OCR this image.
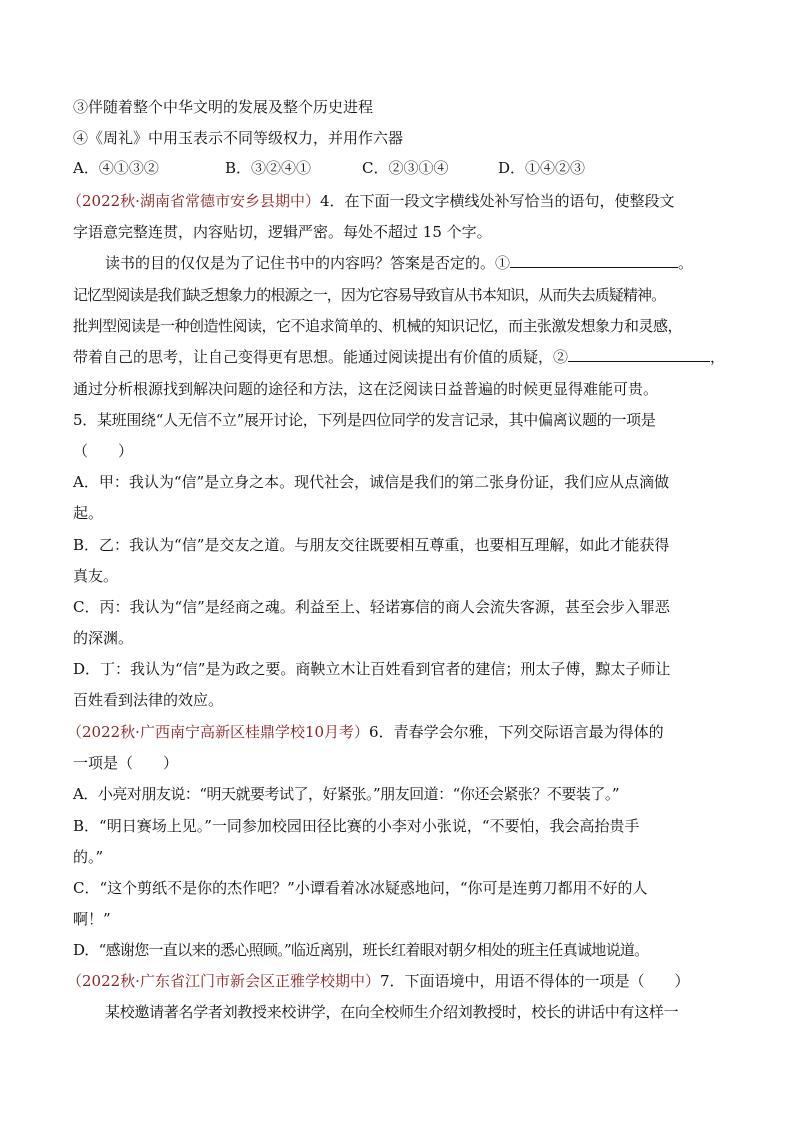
③伴随着整个中华文明的发展及整个历史进程
④《周礼》中用玉表示不同等级权力，并用作六器
A．④①③②	B．③②④①	C．②③①④	D．①④②③
（2022秋·湖南省常德市安乡县期中）4．在下面一段文字横线处补写恰当的语句，使整段文
字语意完整连贯，内容贴切，逻辑严密。每处不超过 15 个字。
读书的目的仅仅是为了记住书中的内容吗？答案是否定的。①	。
记忆型阅读是我们缺乏想象力的根源之一，因为它容易导致盲从书本知识，从而失去质疑精神。
批判型阅读是一种创造性阅读，它不追求简单的、机械的知识记忆，而主张激发想象力和灵感，
带着自己的思考，让自己变得更有思想。能通过阅读提出有价值的质疑，②	，
通过分析根源找到解决问题的途径和方法，这在泛阅读日益普遍的时候更显得难能可贵。
5．某班围绕“人无信不立”展开讨论，下列是四位同学的发言记录，其中偏离议题的一项是
（　　）
A．甲：我认为“信”是立身之本。现代社会，诚信是我们的第二张身份证，我们应从点滴做
起。
B．乙：我认为“信”是交友之道。与朋友交往既要相互尊重，也要相互理解，如此才能获得
真友。
C．丙：我认为“信”是经商之魂。利益至上、轻诺寡信的商人会流失客源，甚至会步入罪恶
的深渊。
D．丁：我认为“信”是为政之要。商鞅立木让百姓看到官者的建信；刑太子傅，黥太子师让
百姓看到法律的效应。
（2022秋·广西南宁高新区桂鼎学校10月考）6．青春学会尔雅，下列交际语言最为得体的
一项是（　　）
A．小亮对朋友说：“明天就要考试了，好紧张。”朋友回道：“你还会紧张？不要装了。”
B．“明日赛场上见。”一同参加校园田径比赛的小李对小张说，“不要怕，我会高抬贵手
的。”
C．“这个剪纸不是你的杰作吧？”小谭看着冰冰疑惑地问，“你可是连剪刀都用不好的人
啊！”
D．“感谢您一直以来的悉心照顾。”临近离别，班长红着眼对朝夕相处的班主任真诚地说道。
（2022秋·广东省江门市新会区正雅学校期中）7．下面语境中，用语不得体的一项是（　　）
某校邀请著名学者刘教授来校讲学，在向全校师生介绍刘教授时，校长的讲话中有这样一
